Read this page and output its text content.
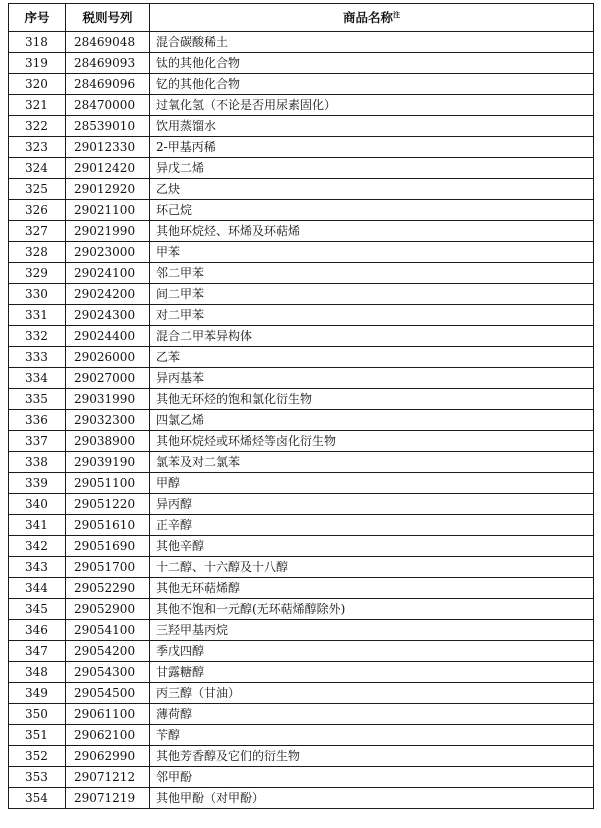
序号	税则号列	商品名称$^注$
318	28469048	混合碳酸稀土
319	28469093	钛的其他化合物
320	28469096	钇的其他化合物
321	28470000	过氧化氢（不论是否用尿素固化）
322	28539010	饮用蒸馏水
323	29012330	2-甲基丙稀
324	29012420	异戊二烯
325	29012920	乙炔
326	29021100	环己烷
327	29021990	其他环烷烃、环烯及环萜烯
328	29023000	甲苯
329	29024100	邻二甲苯
330	29024200	间二甲苯
331	29024300	对二甲苯
332	29024400	混合二甲苯异构体
333	29026000	乙苯
334	29027000	异丙基苯
335	29031990	其他无环烃的饱和氯化衍生物
336	29032300	四氯乙烯
337	29038900	其他环烷烃或环烯烃等卤化衍生物
338	29039190	氯苯及对二氯苯
339	29051100	甲醇
340	29051220	异丙醇
341	29051610	正辛醇
342	29051690	其他辛醇
343	29051700	十二醇、十六醇及十八醇
344	29052290	其他无环萜烯醇
345	29052900	其他不饱和一元醇(无环萜烯醇除外)
346	29054100	三羟甲基丙烷
347	29054200	季戊四醇
348	29054300	甘露糖醇
349	29054500	丙三醇（甘油）
350	29061100	薄荷醇
351	29062100	苄醇
352	29062990	其他芳香醇及它们的衍生物
353	29071212	邻甲酚
354	29071219	其他甲酚（对甲酚）
